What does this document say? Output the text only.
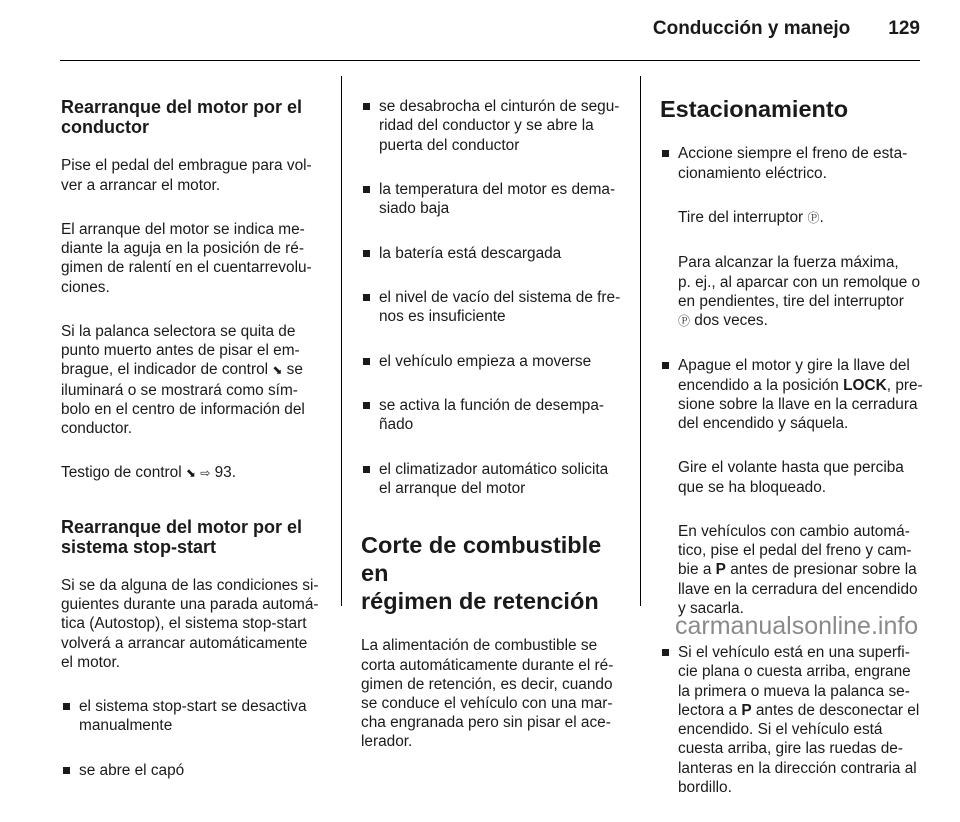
Conducción y manejo 129

Rearranque del motor por el
conductor

Pise el pedal del embrague para vol-
ver a arrancar el motor.

El arranque del motor se indica me-
diante la aguja en la posición de ré-
gimen de ralentí en el cuentarrevolu-
ciones.

Si la palanca selectora se quita de
punto muerto antes de pisar el em-
brague, el indicador de control ⬊ se
iluminará o se mostrará como sím-
bolo en el centro de información del
conductor.

Testigo de control ⬊ ⇨ 93.

Rearranque del motor por el
sistema stop-start

Si se da alguna de las condiciones si-
guientes durante una parada automá-
tica (Autostop), el sistema stop-start
volverá a arrancar automáticamente
el motor.

el sistema stop-start se desactiva
manualmente

se abre el capó

se desabrocha el cinturón de segu-
ridad del conductor y se abre la
puerta del conductor

la temperatura del motor es dema-
siado baja

la batería está descargada

el nivel de vacío del sistema de fre-
nos es insuficiente

el vehículo empieza a moverse

se activa la función de desempa-
ñado

el climatizador automático solicita
el arranque del motor

Corte de combustible en
régimen de retención

La alimentación de combustible se
corta automáticamente durante el ré-
gimen de retención, es decir, cuando
se conduce el vehículo con una mar-
cha engranada pero sin pisar el ace-
lerador.

Estacionamiento

Accione siempre el freno de esta-
cionamiento eléctrico.

Tire del interruptor Ⓟ.

Para alcanzar la fuerza máxima,
p. ej., al aparcar con un remolque o
en pendientes, tire del interruptor
Ⓟ dos veces.

Apague el motor y gire la llave del
encendido a la posición LOCK, pre-
sione sobre la llave en la cerradura
del encendido y sáquela.

Gire el volante hasta que perciba
que se ha bloqueado.

En vehículos con cambio automá-
tico, pise el pedal del freno y cam-
bie a P antes de presionar sobre la
llave en la cerradura del encendido
y sacarla.

Si el vehículo está en una superfi-
cie plana o cuesta arriba, engrane
la primera o mueva la palanca se-
lectora a P antes de desconectar el
encendido. Si el vehículo está
cuesta arriba, gire las ruedas de-
lanteras en la dirección contraria al
bordillo.

carmanualsonline.info
